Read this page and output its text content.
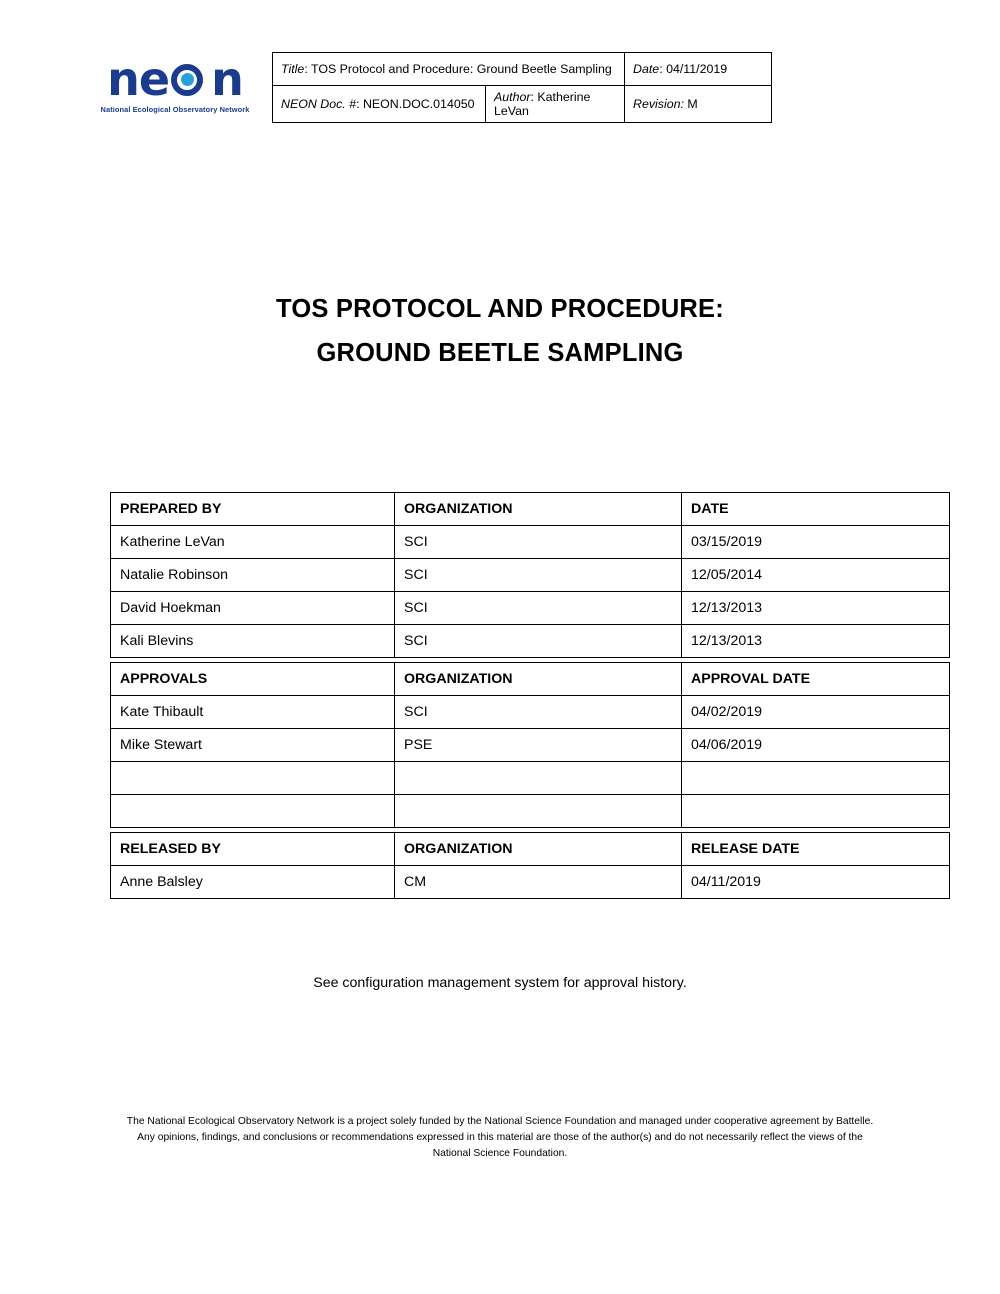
ne n
National Ecological Observatory Network
Title: TOS Protocol and Procedure: Ground Beetle Sampling		Date: 04/11/2019
NEON Doc. #: NEON.DOC.014050	Author: Katherine LeVan	Revision: M
TOS PROTOCOL AND PROCEDURE:
GROUND BEETLE SAMPLING
PREPARED BY	ORGANIZATION	DATE
Katherine LeVan	SCI	03/15/2019
Natalie Robinson	SCI	12/05/2014
David Hoekman	SCI	12/13/2013
Kali Blevins	SCI	12/13/2013
APPROVALS	ORGANIZATION	APPROVAL DATE
Kate Thibault	SCI	04/02/2019
Mike Stewart	PSE	04/06/2019

RELEASED BY	ORGANIZATION	RELEASE DATE
Anne Balsley	CM	04/11/2019
See configuration management system for approval history.
The National Ecological Observatory Network is a project solely funded by the National Science Foundation and managed under cooperative agreement by Battelle.
Any opinions, findings, and conclusions or recommendations expressed in this material are those of the author(s) and do not necessarily reflect the views of the
National Science Foundation.
